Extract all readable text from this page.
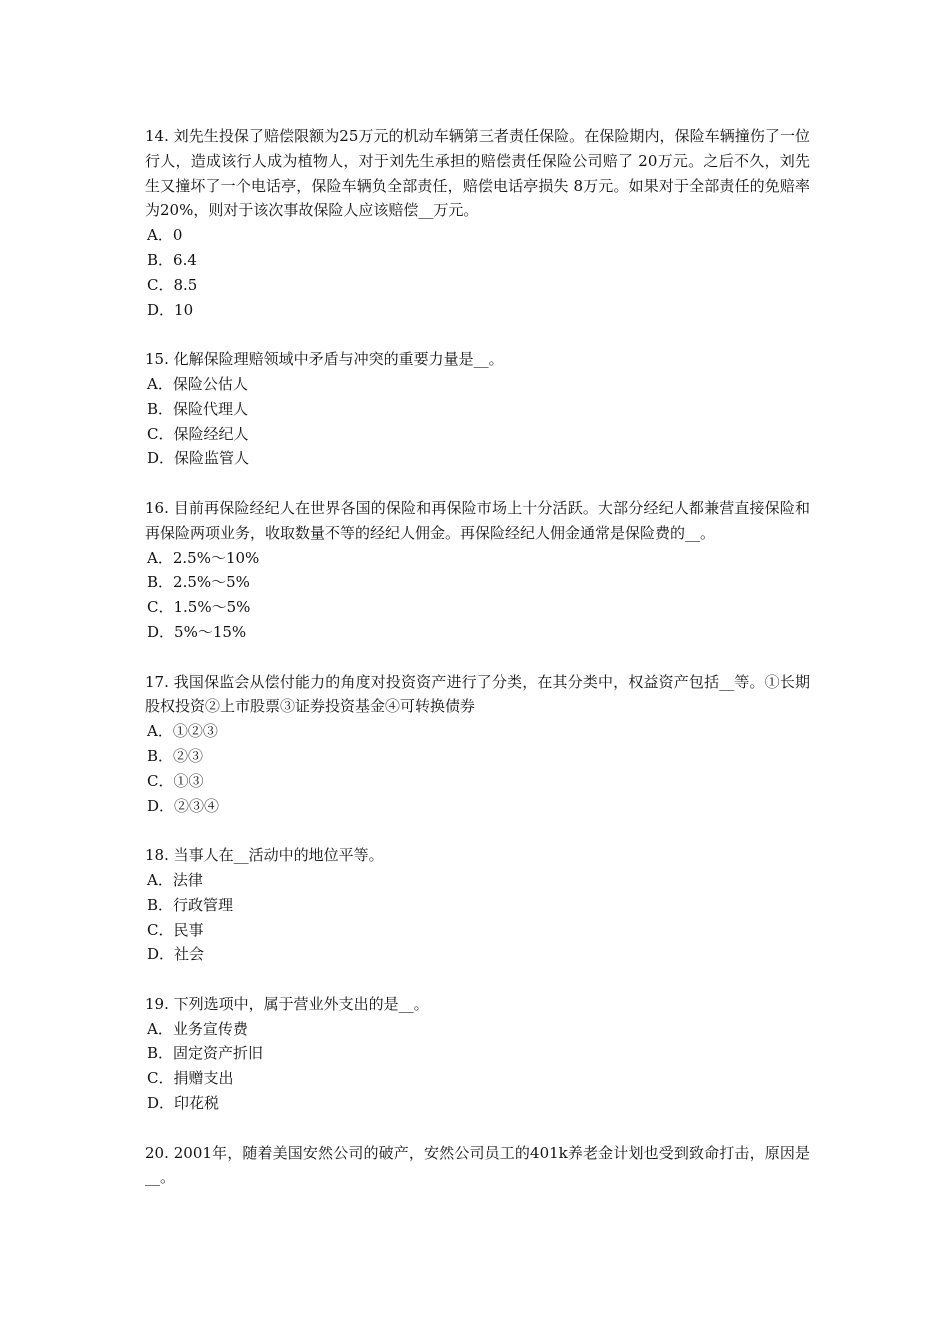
14. 刘先生投保了赔偿限额为25万元的机动车辆第三者责任保险。在保险期内，保险车辆撞伤了一位行人，造成该行人成为植物人，对于刘先生承担的赔偿责任保险公司赔了 20万元。之后不久，刘先生又撞坏了一个电话亭，保险车辆负全部责任，赔偿电话亭损失 8万元。如果对于全部责任的免赔率为20%，则对于该次事故保险人应该赔偿__万元。
A．0
B．6.4
C．8.5
D．10
15. 化解保险理赔领域中矛盾与冲突的重要力量是__。
A．保险公估人
B．保险代理人
C．保险经纪人
D．保险监管人
16. 目前再保险经纪人在世界各国的保险和再保险市场上十分活跃。大部分经纪人都兼营直接保险和再保险两项业务，收取数量不等的经纪人佣金。再保险经纪人佣金通常是保险费的__。
A．2.5%～10%
B．2.5%～5%
C．1.5%～5%
D．5%～15%
17. 我国保监会从偿付能力的角度对投资资产进行了分类，在其分类中，权益资产包括__等。①长期股权投资②上市股票③证券投资基金④可转换债券
A．①②③
B．②③
C．①③
D．②③④
18. 当事人在__活动中的地位平等。
A．法律
B．行政管理
C．民事
D．社会
19. 下列选项中，属于营业外支出的是__。
A．业务宣传费
B．固定资产折旧
C．捐赠支出
D．印花税
20. 2001年，随着美国安然公司的破产，安然公司员工的401k养老金计划也受到致命打击，原因是__。
